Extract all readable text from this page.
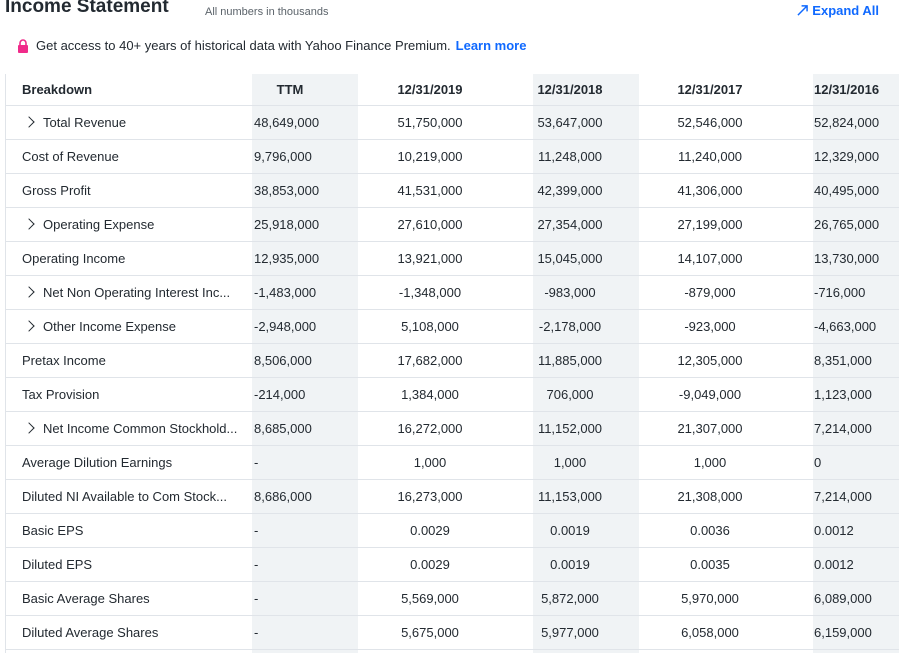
Income Statement	All numbers in thousands	Expand All
Get access to 40+ years of historical data with Yahoo Finance Premium. Learn more
Breakdown	TTM	12/31/2019	12/31/2018	12/31/2017	12/31/2016
Total Revenue	48,649,000	51,750,000	53,647,000	52,546,000	52,824,000
Cost of Revenue	9,796,000	10,219,000	11,248,000	11,240,000	12,329,000
Gross Profit	38,853,000	41,531,000	42,399,000	41,306,000	40,495,000
Operating Expense	25,918,000	27,610,000	27,354,000	27,199,000	26,765,000
Operating Income	12,935,000	13,921,000	15,045,000	14,107,000	13,730,000
Net Non Operating Interest Inc... -1,483,000	-1,348,000	-983,000	-879,000	-716,000
Other Income Expense	-2,948,000	5,108,000	-2,178,000	-923,000	-4,663,000
Pretax Income	8,506,000	17,682,000	11,885,000	12,305,000	8,351,000
Tax Provision	-214,000	1,384,000	706,000	-9,049,000	1,123,000
Net Income Common Stockhold... 8,685,000	16,272,000	11,152,000	21,307,000	7,214,000
Average Dilution Earnings	-	1,000	1,000	1,000	0
Diluted NI Available to Com Stock... 8,686,000	16,273,000	11,153,000	21,308,000	7,214,000
Basic EPS	-	0.0029	0.0019	0.0036	0.0012
Diluted EPS	-	0.0029	0.0019	0.0035	0.0012
Basic Average Shares	-	5,569,000	5,872,000	5,970,000	6,089,000
Diluted Average Shares	-	5,675,000	5,977,000	6,058,000	6,159,000
